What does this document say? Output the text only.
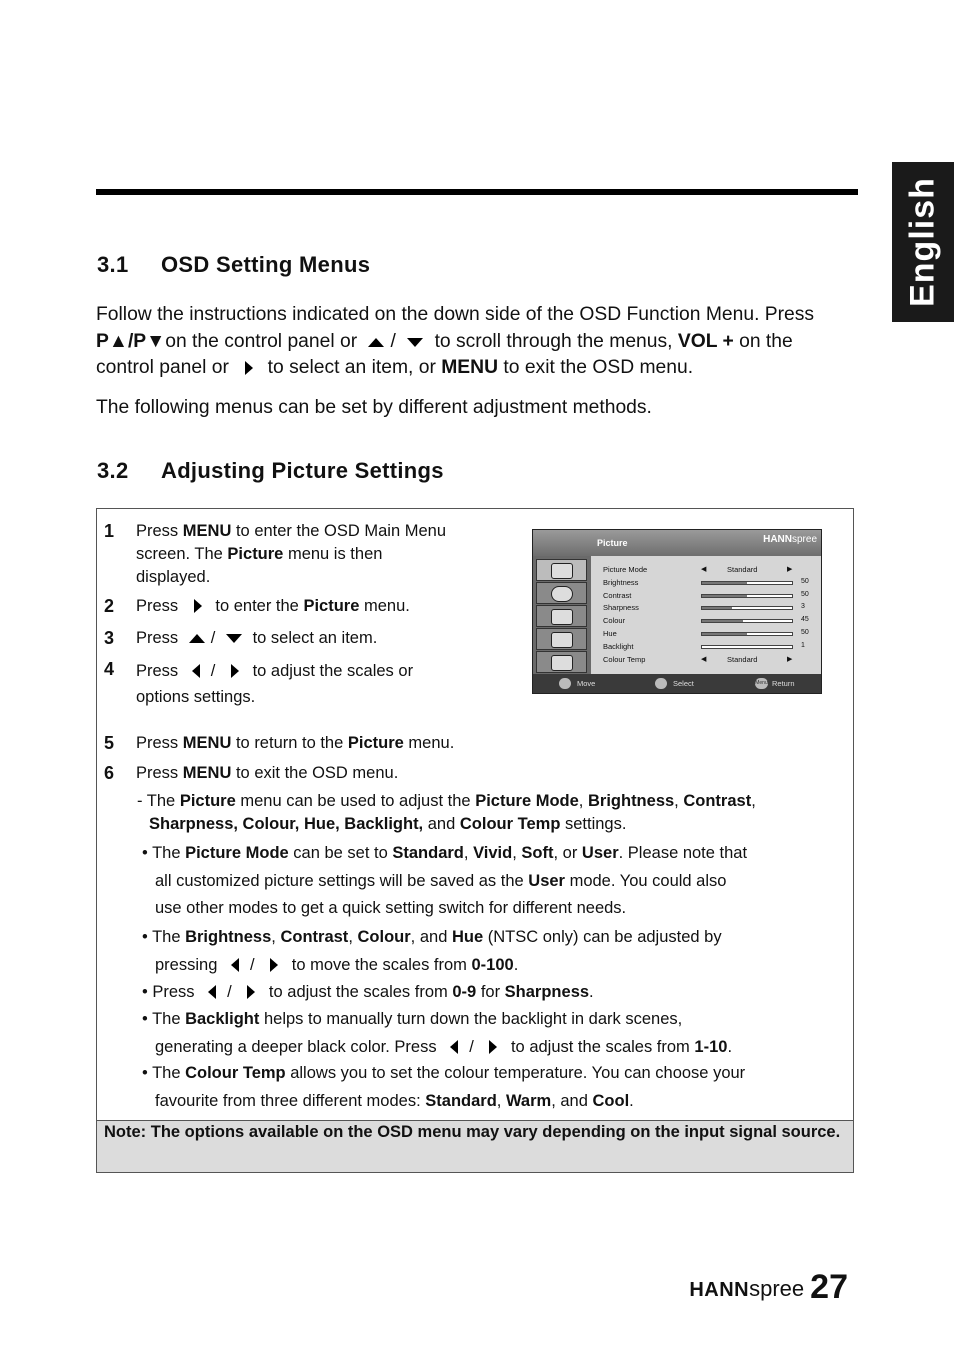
English
3.1 OSD Setting Menus

Follow the instructions indicated on the down side of the OSD Function Menu. Press
P▲/P▼on the control panel or / to scroll through the menus, VOL + on the
control panel or to select an item, or MENU to exit the OSD menu.

The following menus can be set by different adjustment methods.

3.2 Adjusting Picture Settings
1 Press MENU to enter the OSD Main Menu
screen. The Picture menu is then
displayed.
2 Press to enter the Picture menu.
3 Press / to select an item.
4 Press / to adjust the scales or
options settings.
Picture	HANNspree
Picture Mode	◀	Standard	▶
Brightness	50
Contrast	50
Sharpness	3
Colour	45
Hue	50
Backlight	1
Colour Temp	◀	Standard	▶
Move	Select	Menu Return
5 Press MENU to return to the Picture menu.
6 Press MENU to exit the OSD menu.
- The Picture menu can be used to adjust the Picture Mode, Brightness, Contrast,
Sharpness, Colour, Hue, Backlight, and Colour Temp settings.
• The Picture Mode can be set to Standard, Vivid, Soft, or User. Please note that
all customized picture settings will be saved as the User mode. You could also
use other modes to get a quick setting switch for different needs.
• The Brightness, Contrast, Colour, and Hue (NTSC only) can be adjusted by
pressing / to move the scales from 0-100.
• Press / to adjust the scales from 0-9 for Sharpness.
• The Backlight helps to manually turn down the backlight in dark scenes,
generating a deeper black color. Press / to adjust the scales from 1-10.
• The Colour Temp allows you to set the colour temperature. You can choose your
favourite from three different modes: Standard, Warm, and Cool.
Note: The options available on the OSD menu may vary depending on the input signal source.
HANNspree 27
